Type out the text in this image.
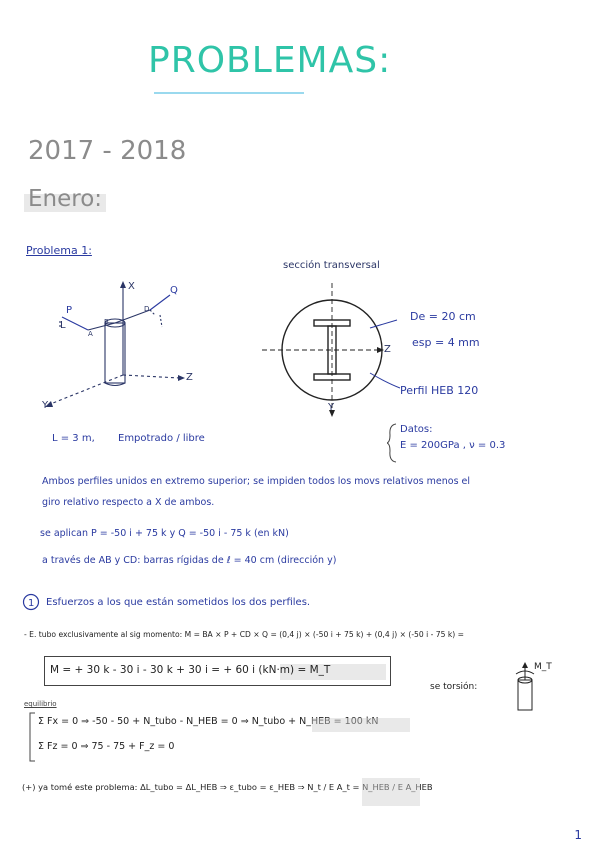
PROBLEMAS:
2017 - 2018
Enero:
Problema 1:
X
Z
Y
P
Q
L
A
B
D
sección transversal
Z
Y
De = 20 cm
esp = 4 mm
Perfil HEB 120
L = 3 m, Empotrado / libre
Datos:
E = 200GPa , ν = 0.3
Ambos perfiles unidos en extremo superior; se impiden todos los movs relativos menos el
giro relativo respecto a X de ambos.
se aplican P = -50 i + 75 k y Q = -50 i - 75 k (en kN)
a través de AB y CD: barras rígidas de ℓ = 40 cm (dirección y)
1 Esfuerzos a los que están sometidos los dos perfiles.
- E. tubo exclusivamente al sig momento: M = BA × P + CD × Q = (0,4 j) × (-50 i + 75 k) + (0,4 j) × (-50 i - 75 k) =
M = + 30 k - 30 i - 30 k + 30 i = + 60 i (kN·m) = M_T
se torsión:
M_T
equilibrio
Σ Fx = 0 ⇒ -50 - 50 + N_tubo - N_HEB = 0 ⇒ N_tubo + N_HEB = 100 kN
Σ Fz = 0 ⇒ 75 - 75 + F_z = 0
(+) ya tomé este problema: ΔL_tubo = ΔL_HEB ⇒ ε_tubo = ε_HEB ⇒ N_t / E A_t = N_HEB / E A_HEB
1
